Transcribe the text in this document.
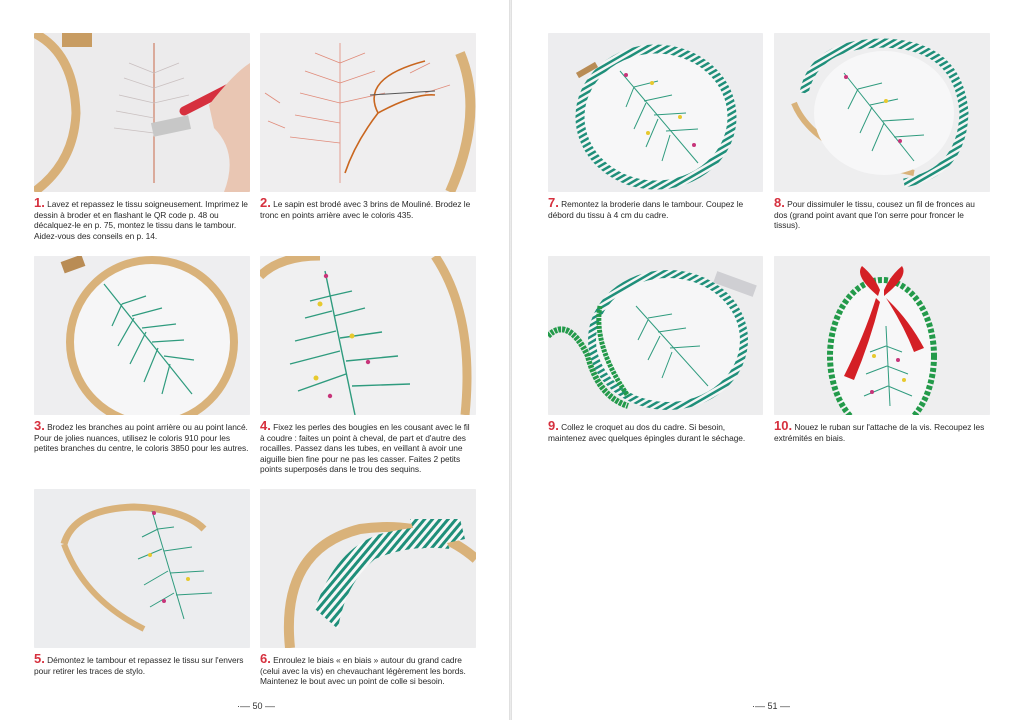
1. Lavez et repassez le tissu soigneusement. Imprimez le dessin à broder et en flashant le QR code p. 48 ou décalquez-le en p. 75, montez le tissu dans le tambour. Aidez-vous des conseils en p. 14.
2. Le sapin est brodé avec 3 brins de Mouliné. Brodez le tronc en points arrière avec le coloris 435.
3. Brodez les branches au point arrière ou au point lancé. Pour de jolies nuances, utilisez le coloris 910 pour les petites branches du centre, le coloris 3850 pour les autres.
4. Fixez les perles des bougies en les cousant avec le fil à coudre : faites un point à cheval, de part et d'autre des rocailles. Passez dans les tubes, en veillant à avoir une aiguille bien fine pour ne pas les casser. Faites 2 petits points superposés dans le trou des sequins.
5. Démontez le tambour et repassez le tissu sur l'envers pour retirer les traces de stylo.
6. Enroulez le biais « en biais » autour du grand cadre (celui avec la vis) en chevauchant légèrement les bords. Maintenez le bout avec un point de colle si besoin.
·–– 50 ––
7. Remontez la broderie dans le tambour. Coupez le débord du tissu à 4 cm du cadre.
8. Pour dissimuler le tissu, cousez un fil de fronces au dos (grand point avant que l'on serre pour froncer le tissus).
9. Collez le croquet au dos du cadre. Si besoin, maintenez avec quelques épingles durant le séchage.
10. Nouez le ruban sur l'attache de la vis. Recoupez les extrémités en biais.
·–– 51 ––
